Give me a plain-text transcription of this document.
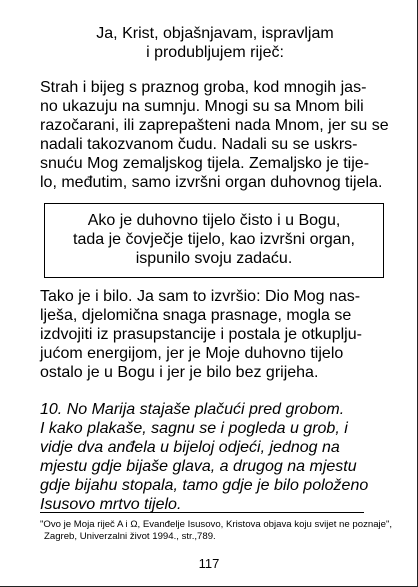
Ja, Krist, objašnjavam, ispravljam
i produbljujem riječ:
Strah i bijeg s praznog groba, kod mnogih jas-
no ukazuju na sumnju. Mnogi su sa Mnom bili
razočarani, ili zaprepašteni nada Mnom, jer su se
nadali takozvanom čudu. Nadali su se uskrs-
snuću Mog zemaljskog tijela. Zemaljsko je tije-
lo, međutim, samo izvršni organ duhovnog tijela.
Ako je duhovno tijelo čisto i u Bogu,
tada je čovječje tijelo, kao izvršni organ,
ispunilo svoju zadaću.
Tako je i bilo. Ja sam to izvršio: Dio Mog nas-
lješa, djelomična snaga prasnage, mogla se
izdvojiti iz prasupstancije i postala je otkuplju-
jućom energijom, jer je Moje duhovno tijelo
ostalo je u Bogu i jer je bilo bez grijeha.
10. No Marija stajaše plačući pred grobom.
I kako plakaše, sagnu se i pogleda u grob, i
vidje dva anđela u bijeloj odjeći, jednog na
mjestu gdje bijaše glava, a drugog na mjestu
gdje bijahu stopala, tamo gdje je bilo položeno
Isusovo mrtvo tijelo.
"Ovo je Moja riječ A i Ω, Evanđelje Isusovo, Kristova objava koju svijet ne poznaje",
Zagreb, Univerzalni život 1994., str.,789.
117
